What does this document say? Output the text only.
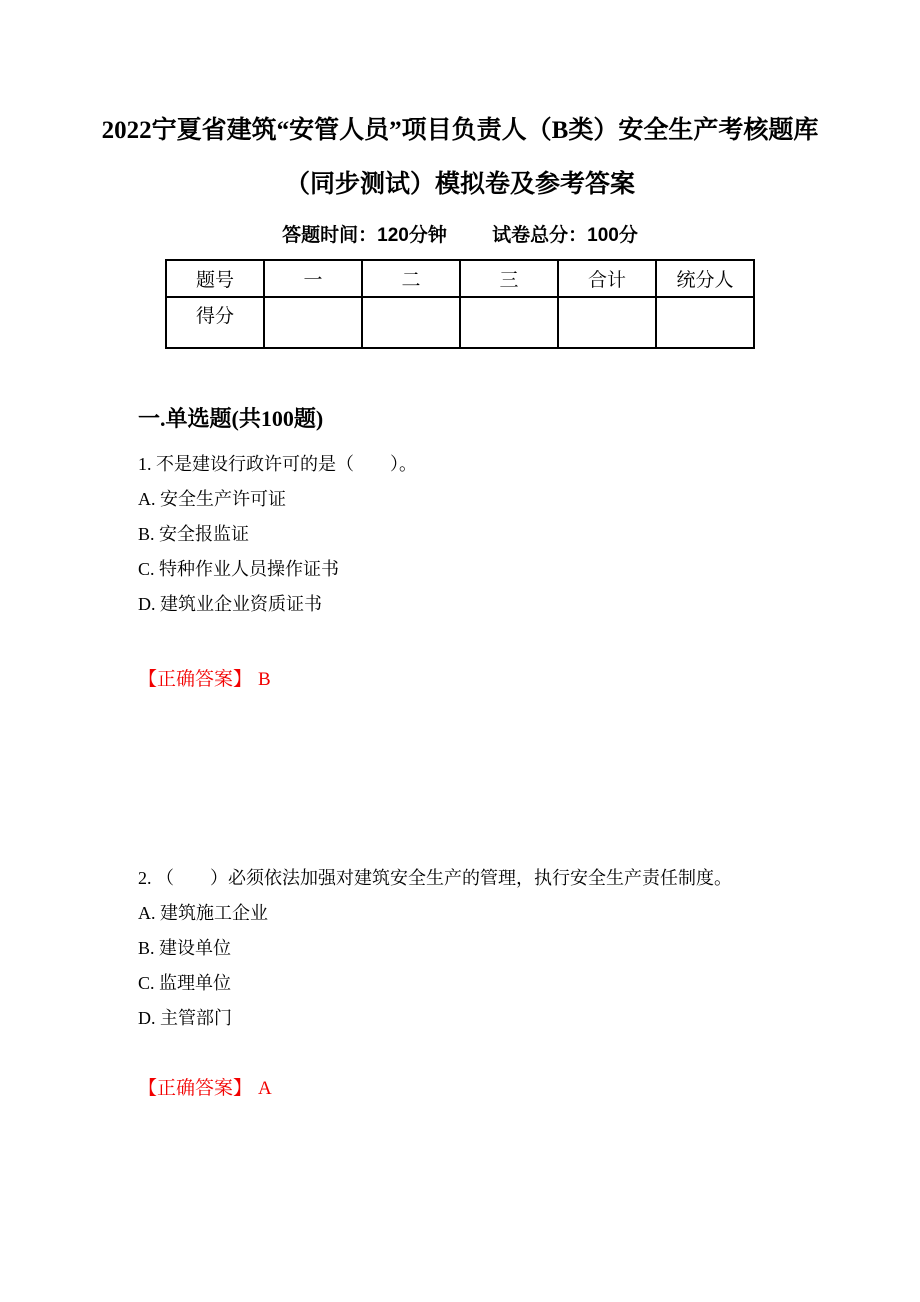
2022宁夏省建筑“安管人员”项目负责人（B类）安全生产考核题库
（同步测试）模拟卷及参考答案

答题时间：120分钟 试卷总分：100分

题号	一	二	三	合计	统分人
得分					
一.单选题(共100题)

1. 不是建设行政许可的是（　　）。

A. 安全生产许可证

B. 安全报监证

C. 特种作业人员操作证书

D. 建筑业企业资质证书

【正确答案】 B

2. （　　）必须依法加强对建筑安全生产的管理，执行安全生产责任制度。

A. 建筑施工企业

B. 建设单位

C. 监理单位

D. 主管部门

【正确答案】 A
